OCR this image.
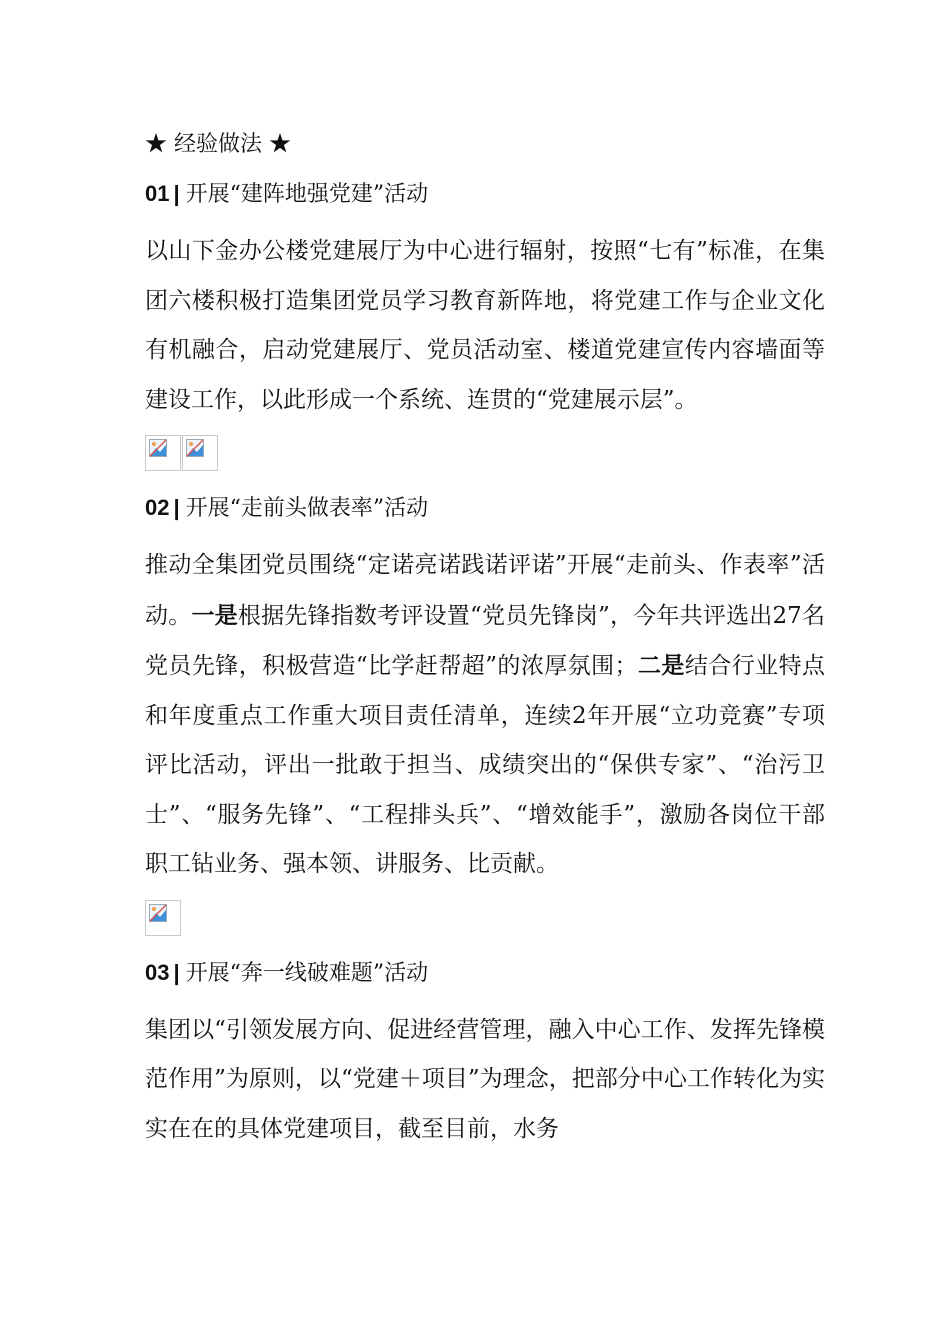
★ 经验做法 ★
01 | 开展“建阵地强党建”活动

以山下金办公楼党建展厅为中心进行辐射，按照“七有”标准，在集团六楼积极打造集团党员学习教育新阵地，将党建工作与企业文化有机融合，启动党建展厅、党员活动室、楼道党建宣传内容墙面等建设工作，以此形成一个系统、连贯的“党建展示层”。

02 | 开展“走前头做表率”活动

推动全集团党员围绕“定诺亮诺践诺评诺”开展“走前头、作表率”活动。一是根据先锋指数考评设置“党员先锋岗”，今年共评选出27名党员先锋，积极营造“比学赶帮超”的浓厚氛围；二是结合行业特点和年度重点工作重大项目责任清单，连续2年开展“立功竞赛”专项评比活动，评出一批敢于担当、成绩突出的“保供专家”、“治污卫士”、“服务先锋”、“工程排头兵”、“增效能手”，激励各岗位干部职工钻业务、强本领、讲服务、比贡献。

03 | 开展“奔一线破难题”活动

集团以“引领发展方向、促进经营管理，融入中心工作、发挥先锋模范作用”为原则，以“党建＋项目”为理念，把部分中心工作转化为实实在在的具体党建项目，截至目前，水务
